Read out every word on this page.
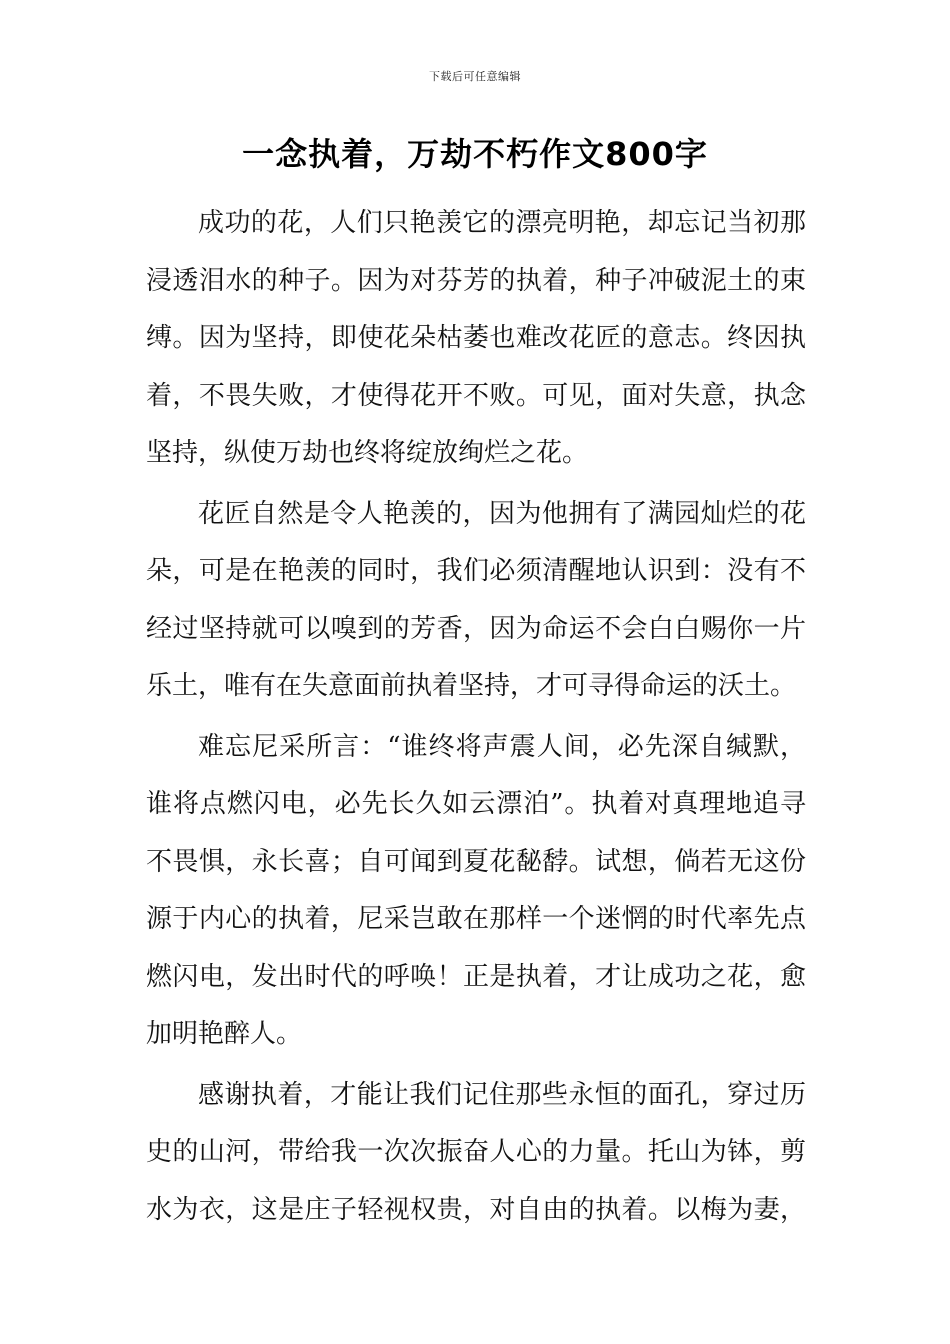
下载后可任意编辑
一念执着，万劫不朽作文800字

成功的花，人们只艳羡它的漂亮明艳，却忘记当初那
浸透泪水的种子。因为对芬芳的执着，种子冲破泥土的束
缚。因为坚持，即使花朵枯萎也难改花匠的意志。终因执
着，不畏失败，才使得花开不败。可见，面对失意，执念
坚持，纵使万劫也终将绽放绚烂之花。

花匠自然是令人艳羡的，因为他拥有了满园灿烂的花
朵，可是在艳羡的同时，我们必须清醒地认识到：没有不
经过坚持就可以嗅到的芳香，因为命运不会白白赐你一片
乐土，唯有在失意面前执着坚持，才可寻得命运的沃土。

难忘尼采所言：“谁终将声震人间，必先深自缄默，
谁将点燃闪电，必先长久如云漂泊”。执着对真理地追寻
不畏惧，永长喜；自可闻到夏花馝馞。试想，倘若无这份
源于内心的执着，尼采岂敢在那样一个迷惘的时代率先点
燃闪电，发出时代的呼唤！正是执着，才让成功之花，愈
加明艳醉人。

感谢执着，才能让我们记住那些永恒的面孔，穿过历
史的山河，带给我一次次振奋人心的力量。托山为钵，剪
水为衣，这是庄子轻视权贵，对自由的执着。以梅为妻，
